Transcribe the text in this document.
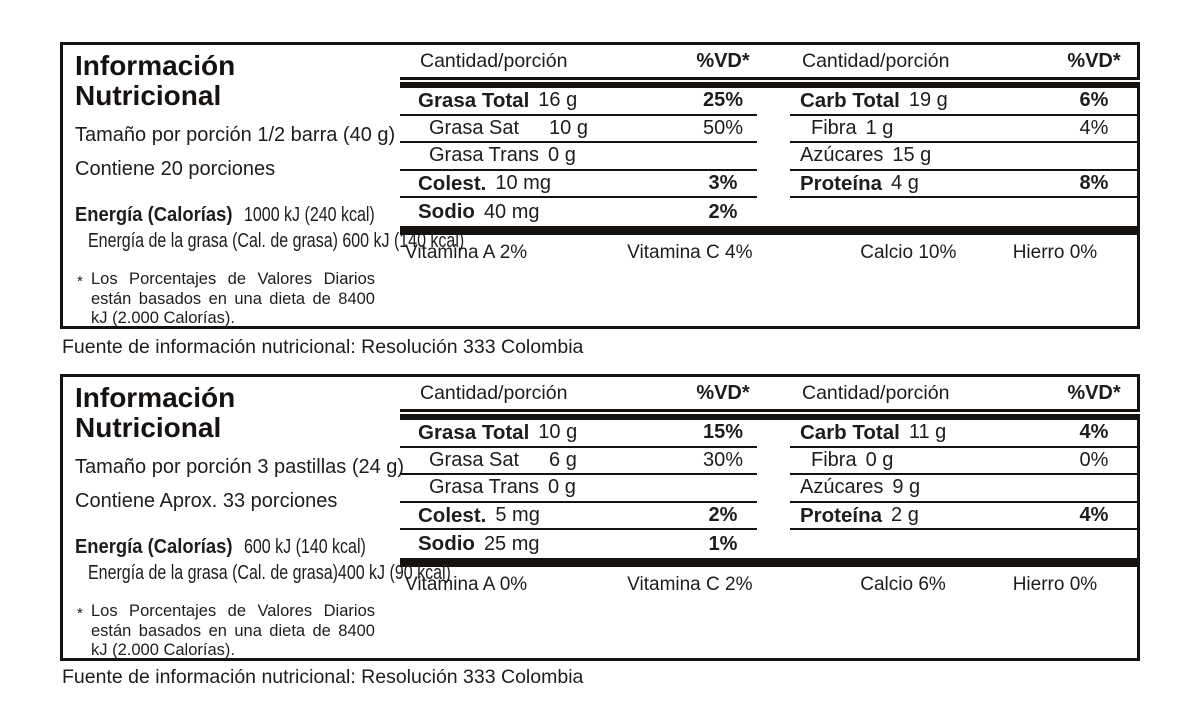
Información
Nutricional
Tamaño por porción 1/2 barra (40 g)
Contiene 20 porciones
Energía (Calorías) 1000 kJ (240 kcal)
Energía de la grasa (Cal. de grasa) 600 kJ (140 kcal)
* Los Porcentajes de Valores Diarios
están basados en una dieta de 8400
kJ (2.000 Calorías).
Cantidad/porción	%VD*	Cantidad/porción	%VD*
Grasa Total 16 g	25%
Grasa Sat 10 g	50%
Grasa Trans 0 g
Colest. 10 mg	3%
Sodio 40 mg	2%
Carb Total 19 g	6%
Fibra 1 g	4%
Azúcares 15 g
Proteína 4 g	8%
Vitamina A 2%	Vitamina C 4%	Calcio 10%	Hierro 0%
Fuente de información nutricional: Resolución 333 Colombia
Información
Nutricional
Tamaño por porción 3 pastillas (24 g)
Contiene Aprox. 33 porciones
Energía (Calorías) 600 kJ (140 kcal)
Energía de la grasa (Cal. de grasa)400 kJ (90 kcal)
* Los Porcentajes de Valores Diarios
están basados en una dieta de 8400
kJ (2.000 Calorías).
Cantidad/porción	%VD*	Cantidad/porción	%VD*
Grasa Total 10 g	15%
Grasa Sat 6 g	30%
Grasa Trans 0 g
Colest. 5 mg	2%
Sodio 25 mg	1%
Carb Total 11 g	4%
Fibra 0 g	0%
Azúcares 9 g
Proteína 2 g	4%
Vitamina A 0%	Vitamina C 2%	Calcio 6%	Hierro 0%
Fuente de información nutricional: Resolución 333 Colombia
